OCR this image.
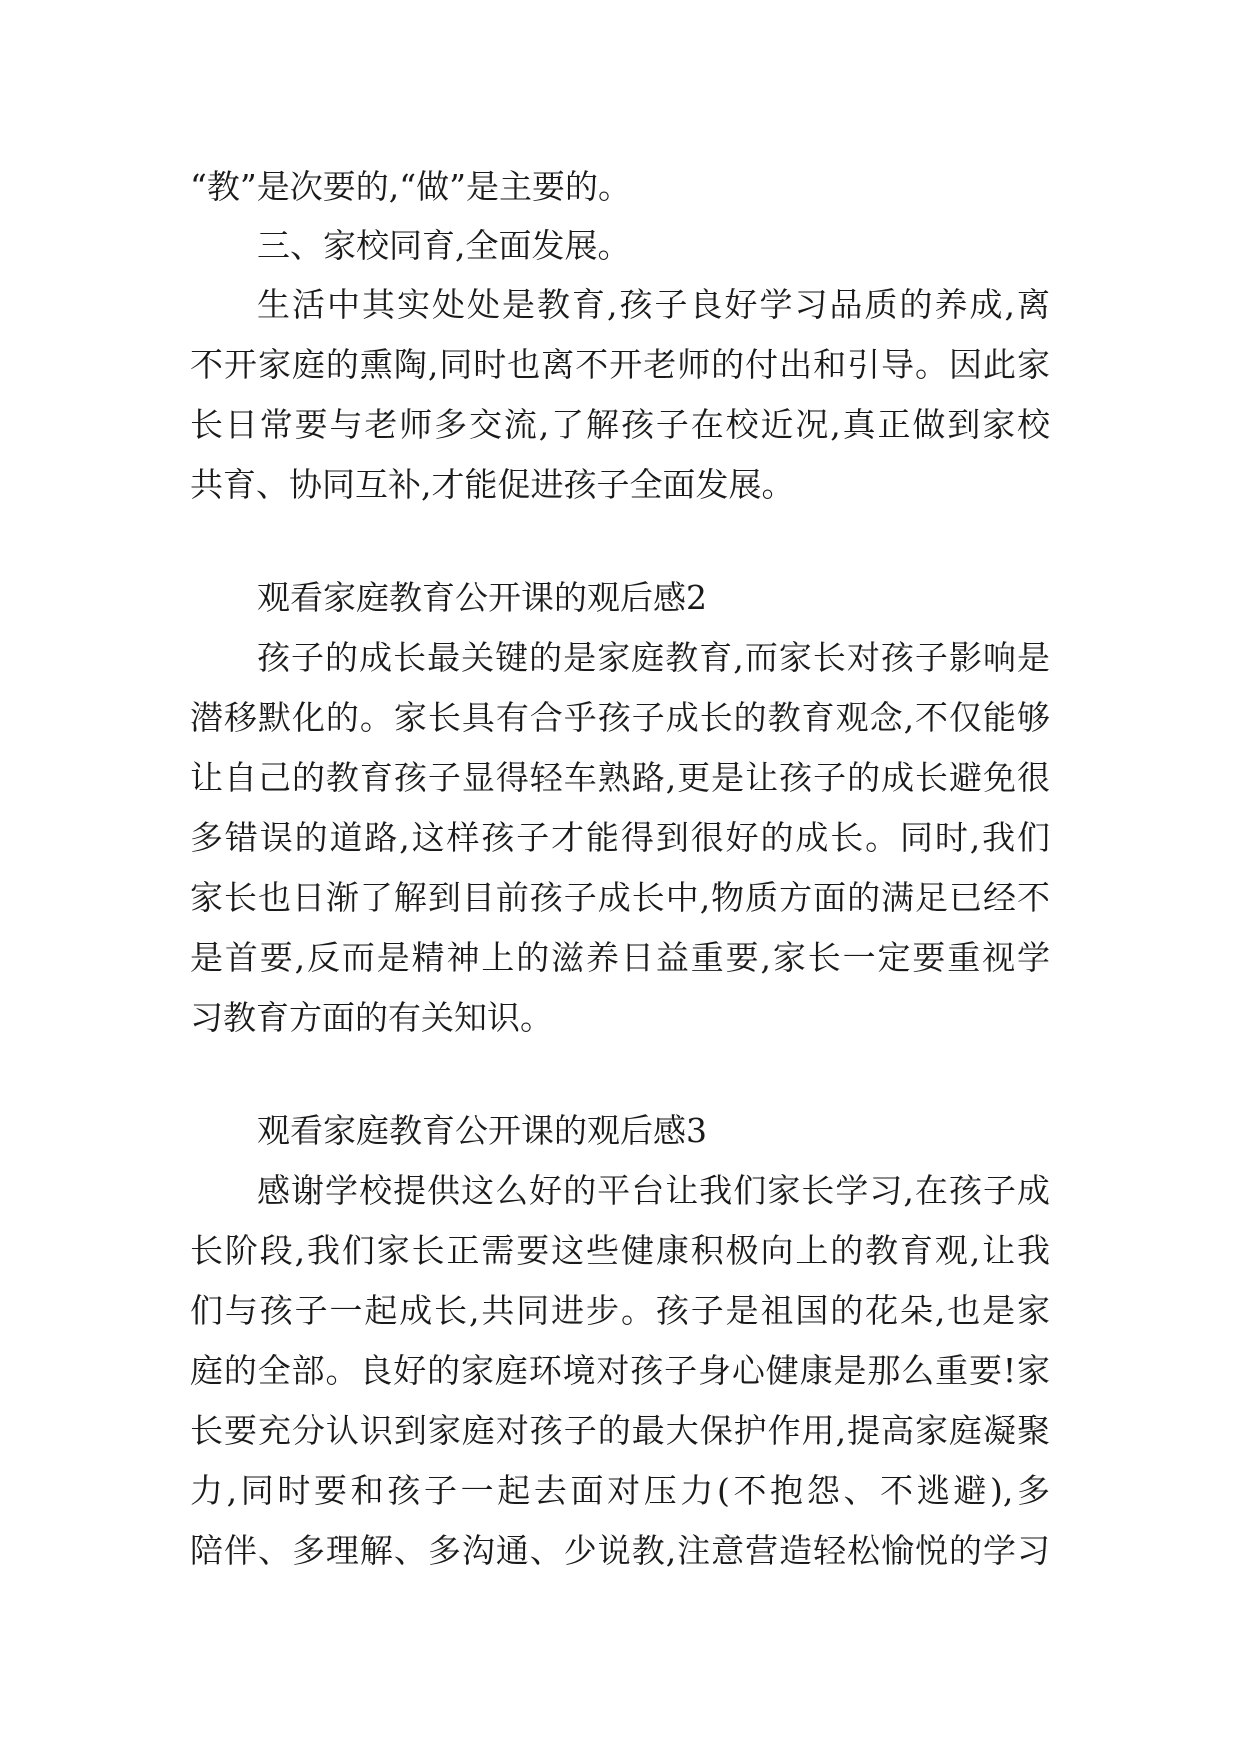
“教”是次要的,“做”是主要的。
三、家校同育,全面发展。
生活中其实处处是教育,孩子良好学习品质的养成,离
不开家庭的熏陶,同时也离不开老师的付出和引导。因此家
长日常要与老师多交流,了解孩子在校近况,真正做到家校
共育、协同互补,才能促进孩子全面发展。
观看家庭教育公开课的观后感2
孩子的成长最关键的是家庭教育,而家长对孩子影响是
潜移默化的。家长具有合乎孩子成长的教育观念,不仅能够
让自己的教育孩子显得轻车熟路,更是让孩子的成长避免很
多错误的道路,这样孩子才能得到很好的成长。同时,我们
家长也日渐了解到目前孩子成长中,物质方面的满足已经不
是首要,反而是精神上的滋养日益重要,家长一定要重视学
习教育方面的有关知识。
观看家庭教育公开课的观后感3
感谢学校提供这么好的平台让我们家长学习,在孩子成
长阶段,我们家长正需要这些健康积极向上的教育观,让我
们与孩子一起成长,共同进步。孩子是祖国的花朵,也是家
庭的全部。良好的家庭环境对孩子身心健康是那么重要!家
长要充分认识到家庭对孩子的最大保护作用,提高家庭凝聚
力,同时要和孩子一起去面对压力(不抱怨、不逃避),多
陪伴、多理解、多沟通、少说教,注意营造轻松愉悦的学习
